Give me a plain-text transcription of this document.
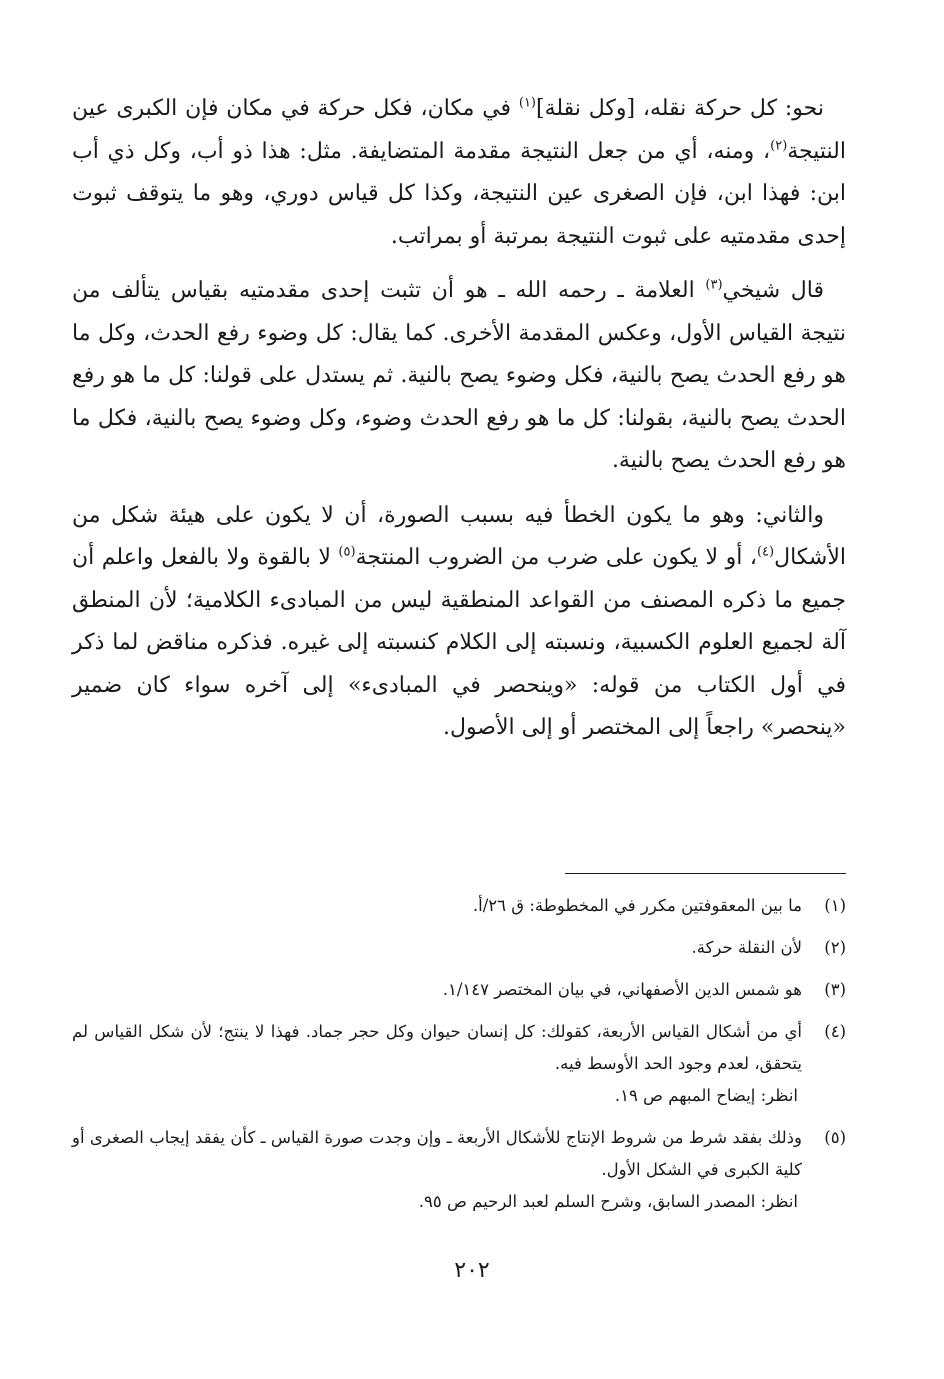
نحو: كل حركة نقله، [وكل نقلة]$^{(١)}$ في مكان، فكل حركة في مكان فإن الكبرى عين النتيجة$^{(٢)}$، ومنه، أي من جعل النتيجة مقدمة المتضايفة. مثل: هذا ذو أب، وكل ذي أب ابن: فهذا ابن، فإن الصغرى عين النتيجة، وكذا كل قياس دوري، وهو ما يتوقف ثبوت إحدى مقدمتيه على ثبوت النتيجة بمرتبة أو بمراتب.

قال شيخي$^{(٣)}$ العلامة ـ رحمه الله ـ هو أن تثبت إحدى مقدمتيه بقياس يتألف من نتيجة القياس الأول، وعكس المقدمة الأخرى. كما يقال: كل وضوء رفع الحدث، وكل ما هو رفع الحدث يصح بالنية، فكل وضوء يصح بالنية. ثم يستدل على قولنا: كل ما هو رفع الحدث يصح بالنية، بقولنا: كل ما هو رفع الحدث وضوء، وكل وضوء يصح بالنية، فكل ما هو رفع الحدث يصح بالنية.

والثاني: وهو ما يكون الخطأ فيه بسبب الصورة، أن لا يكون على هيئة شكل من الأشكال$^{(٤)}$، أو لا يكون على ضرب من الضروب المنتجة$^{(٥)}$ لا بالقوة ولا بالفعل واعلم أن جميع ما ذكره المصنف من القواعد المنطقية ليس من المبادىء الكلامية؛ لأن المنطق آلة لجميع العلوم الكسبية، ونسبته إلى الكلام كنسبته إلى غيره. فذكره مناقض لما ذكر في أول الكتاب من قوله: «وينحصر في المبادىء» إلى آخره سواء كان ضمير «ينحصر» راجعاً إلى المختصر أو إلى الأصول.

(١)
ما بين المعقوفتين مكرر في المخطوطة: ق ٢٦/أ.
(٢)
لأن النقلة حركة.
(٣)
هو شمس الدين الأصفهاني، في بيان المختصر ١/١٤٧.
(٤)
أي من أشكال القياس الأربعة، كقولك: كل إنسان حيوان وكل حجر جماد. فهذا لا ينتج؛ لأن شكل القياس لم يتحقق، لعدم وجود الحد الأوسط فيه.
انظر: إيضاح المبهم ص ١٩.
(٥)
وذلك بفقد شرط من شروط الإنتاج للأشكال الأربعة ـ وإن وجدت صورة القياس ـ كأن يفقد إيجاب الصغرى أو كلية الكبرى في الشكل الأول.
انظر: المصدر السابق، وشرح السلم لعبد الرحيم ص ٩٥.
٢٠٢
